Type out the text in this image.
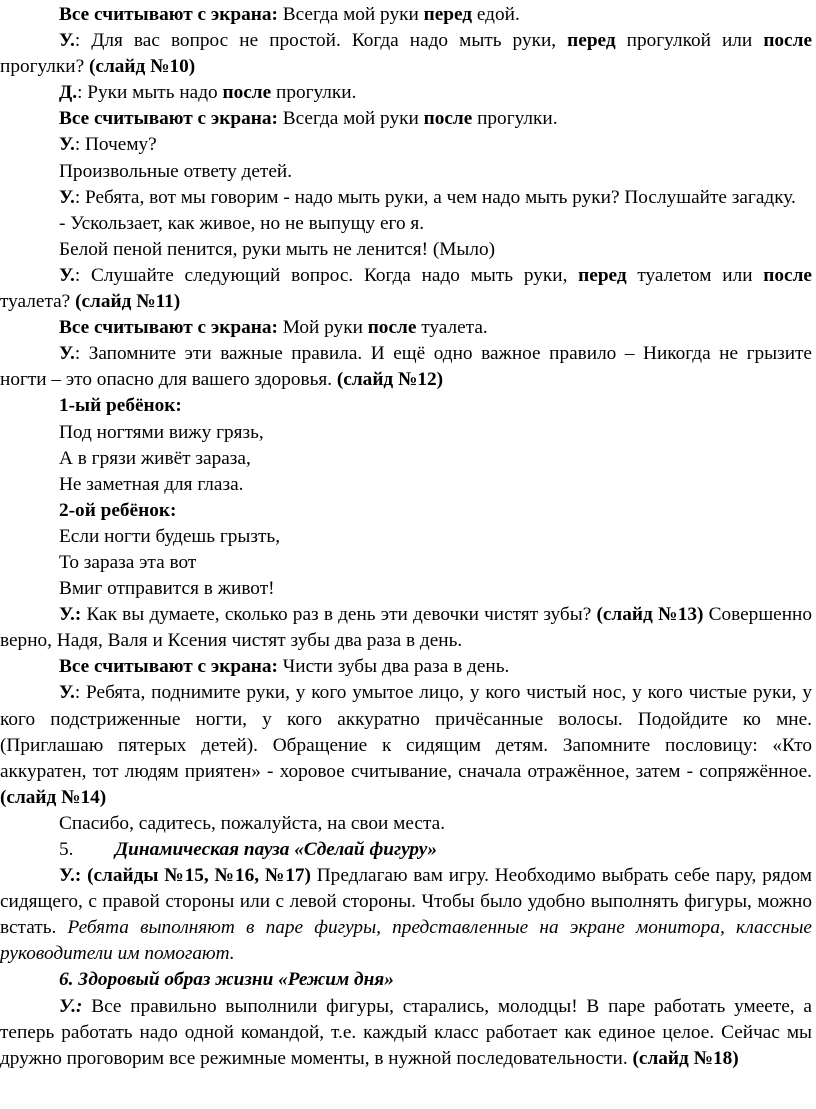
Все считывают с экрана: Всегда мой руки перед едой.

У.: Для вас вопрос не простой. Когда надо мыть руки, перед прогулкой или после прогулки? (слайд №10)

Д.: Руки мыть надо после прогулки.

Все считывают с экрана: Всегда мой руки после прогулки.

У.: Почему?

Произвольные ответу детей.

У.: Ребята, вот мы говорим - надо мыть руки, а чем надо мыть руки? Послушайте загадку.

- Ускользает, как живое, но не выпущу его я.

Белой пеной пенится, руки мыть не ленится! (Мыло)

У.: Слушайте следующий вопрос. Когда надо мыть руки, перед туалетом или после туалета? (слайд №11)

Все считывают с экрана: Мой руки после туалета.

У.: Запомните эти важные правила. И ещё одно важное правило – Никогда не грызите ногти – это опасно для вашего здоровья. (слайд №12)

1-ый ребёнок:

Под ногтями вижу грязь,

А в грязи живёт зараза,

Не заметная для глаза.

2-ой ребёнок:

Если ногти будешь грызть,

То зараза эта вот

Вмиг отправится в живот!

У.: Как вы думаете, сколько раз в день эти девочки чистят зубы? (слайд №13) Совершенно верно, Надя, Валя и Ксения чистят зубы два раза в день.

Все считывают с экрана: Чисти зубы два раза в день.

У.: Ребята, поднимите руки, у кого умытое лицо, у кого чистый нос, у кого чистые руки, у кого подстриженные ногти, у кого аккуратно причёсанные волосы. Подойдите ко мне. (Приглашаю пятерых детей). Обращение к сидящим детям. Запомните пословицу: «Кто аккуратен, тот людям приятен» - хоровое считывание, сначала отражённое, затем - сопряжённое. (слайд №14)

Спасибо, садитесь, пожалуйста, на свои места.

5. Динамическая пауза «Сделай фигуру»

У.: (слайды №15, №16, №17) Предлагаю вам игру. Необходимо выбрать себе пару, рядом сидящего, с правой стороны или с левой стороны. Чтобы было удобно выполнять фигуры, можно встать. Ребята выполняют в паре фигуры, представленные на экране монитора, классные руководители им помогают.

6. Здоровый образ жизни «Режим дня»

У.: Все правильно выполнили фигуры, старались, молодцы! В паре работать умеете, а теперь работать надо одной командой, т.е. каждый класс работает как единое целое. Сейчас мы дружно проговорим все режимные моменты, в нужной последовательности. (слайд №18)
